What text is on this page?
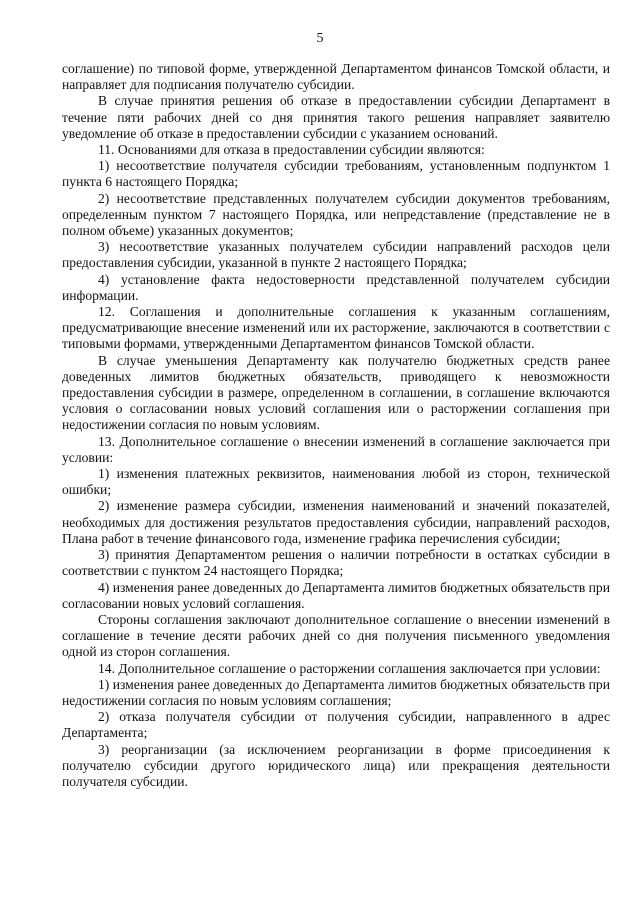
5

соглашение) по типовой форме, утвержденной Департаментом финансов Томской области, и направляет для подписания получателю субсидии.

В случае принятия решения об отказе в предоставлении субсидии Департамент в течение пяти рабочих дней со дня принятия такого решения направляет заявителю уведомление об отказе в предоставлении субсидии с указанием оснований.

11. Основаниями для отказа в предоставлении субсидии являются:

1) несоответствие получателя субсидии требованиям, установленным подпунктом 1 пункта 6 настоящего Порядка;

2) несоответствие представленных получателем субсидии документов требованиям, определенным пунктом 7 настоящего Порядка, или непредставление (представление не в полном объеме) указанных документов;

3) несоответствие указанных получателем субсидии направлений расходов цели предоставления субсидии, указанной в пункте 2 настоящего Порядка;

4) установление факта недостоверности представленной получателем субсидии информации.

12. Соглашения и дополнительные соглашения к указанным соглашениям, предусматривающие внесение изменений или их расторжение, заключаются в соответствии с типовыми формами, утвержденными Департаментом финансов Томской области.

В случае уменьшения Департаменту как получателю бюджетных средств ранее доведенных лимитов бюджетных обязательств, приводящего к невозможности предоставления субсидии в размере, определенном в соглашении, в соглашение включаются условия о согласовании новых условий соглашения или о расторжении соглашения при недостижении согласия по новым условиям.

13. Дополнительное соглашение о внесении изменений в соглашение заключается при условии:

1) изменения платежных реквизитов, наименования любой из сторон, технической ошибки;

2) изменение размера субсидии, изменения наименований и значений показателей, необходимых для достижения результатов предоставления субсидии, направлений расходов, Плана работ в течение финансового года, изменение графика перечисления субсидии;

3) принятия Департаментом решения о наличии потребности в остатках субсидии в соответствии с пунктом 24 настоящего Порядка;

4) изменения ранее доведенных до Департамента лимитов бюджетных обязательств при согласовании новых условий соглашения.

Стороны соглашения заключают дополнительное соглашение о внесении изменений в соглашение в течение десяти рабочих дней со дня получения письменного уведомления одной из сторон соглашения.

14. Дополнительное соглашение о расторжении соглашения заключается при условии:

1) изменения ранее доведенных до Департамента лимитов бюджетных обязательств при недостижении согласия по новым условиям соглашения;

2) отказа получателя субсидии от получения субсидии, направленного в адрес Департамента;

3) реорганизации (за исключением реорганизации в форме присоединения к получателю субсидии другого юридического лица) или прекращения деятельности получателя субсидии.
